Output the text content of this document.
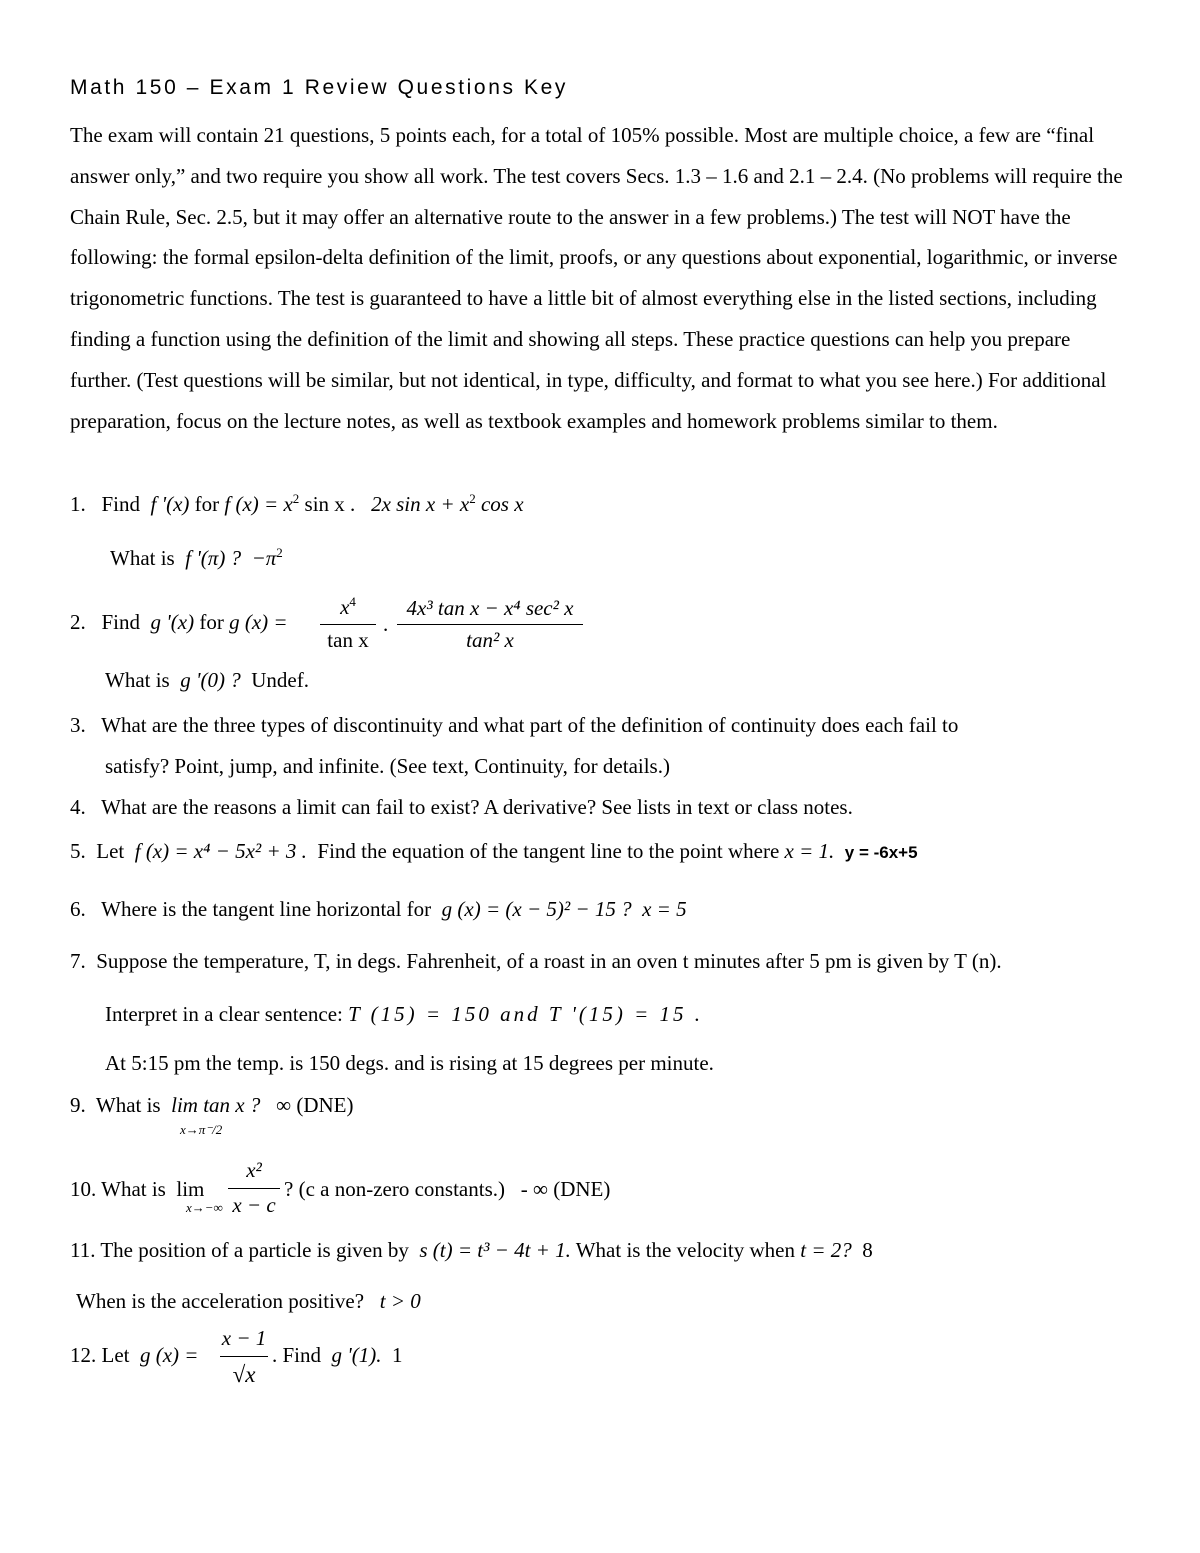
Math 150 – Exam 1 Review Questions Key
The exam will contain 21 questions, 5 points each, for a total of 105% possible. Most are multiple choice, a few are “final answer only,” and two require you show all work. The test covers Secs. 1.3 – 1.6 and 2.1 – 2.4. (No problems will require the Chain Rule, Sec. 2.5, but it may offer an alternative route to the answer in a few problems.) The test will NOT have the following: the formal epsilon-delta definition of the limit, proofs, or any questions about exponential, logarithmic, or inverse trigonometric functions. The test is guaranteed to have a little bit of almost everything else in the listed sections, including finding a function using the definition of the limit and showing all steps. These practice questions can help you prepare further. (Test questions will be similar, but not identical, in type, difficulty, and format to what you see here.) For additional preparation, focus on the lecture notes, as well as textbook examples and homework problems similar to them.
1. Find f '(x) for f $(x) = x^2$ sin x . 2x $\sin x + x^2$ cos x
What is f '(π) ? $-\pi^2$
2. Find g '(x) for g (x) =
$x^4$
tan x
.
4x³ tan x − x⁴ sec² x
tan² x
What is g '(0) ? Undef.
3. What are the three types of discontinuity and what part of the definition of continuity does each fail to
satisfy? Point, jump, and infinite. (See text, Continuity, for details.)
4. What are the reasons a limit can fail to exist? A derivative? See lists in text or class notes.
5. Let f (x) = x⁴ − 5x² + 3 . Find the equation of the tangent line to the point where x = 1. y = -6x+5
6. Where is the tangent line horizontal for g (x) = (x − 5)² − 15 ? x = 5
7. Suppose the temperature, T, in degs. Fahrenheit, of a roast in an oven t minutes after 5 pm is given by T (n).
Interpret in a clear sentence: T (15) = 150 and T '(15) = 15 .
At 5:15 pm the temp. is 150 degs. and is rising at 15 degrees per minute.
9. What is lim tan x ? ∞ (DNE)
x→π⁻/2
10. What is lim
x→−∞
x²
x − c
? (c a non-zero constants.) - ∞ (DNE)
11. The position of a particle is given by s (t) = t³ − 4t + 1. What is the velocity when t = 2? 8
When is the acceleration positive? t > 0
12. Let g (x) =
x − 1
√x
. Find g '(1). 1
